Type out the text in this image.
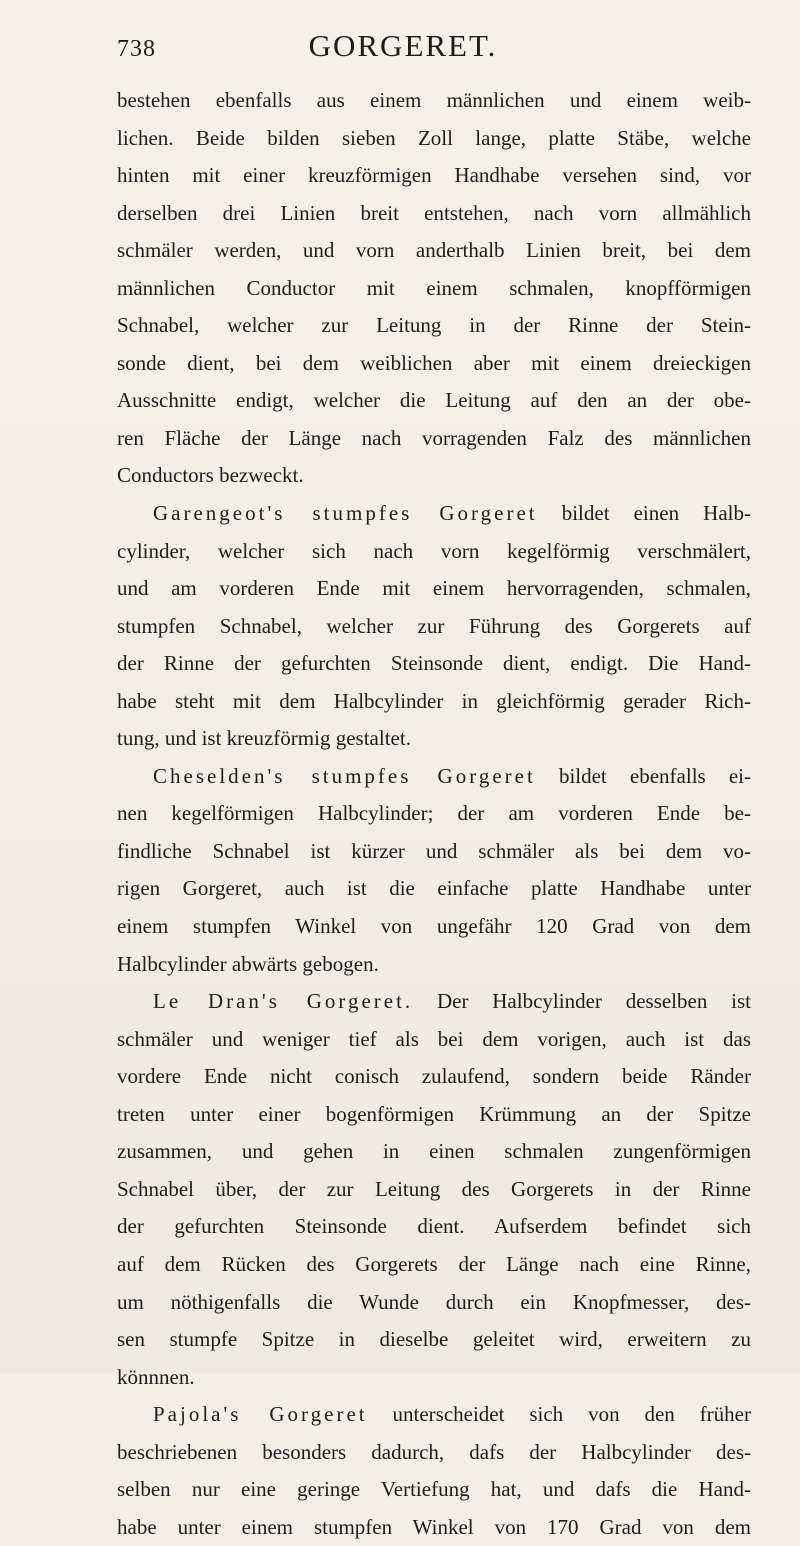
738	GORGERET.
bestehen ebenfalls aus einem männlichen und einem weib-
lichen. Beide bilden sieben Zoll lange, platte Stäbe, welche
hinten mit einer kreuzförmigen Handhabe versehen sind, vor
derselben drei Linien breit entstehen, nach vorn allmählich
schmäler werden, und vorn anderthalb Linien breit, bei dem
männlichen Conductor mit einem schmalen, knopfförmigen
Schnabel, welcher zur Leitung in der Rinne der Stein-
sonde dient, bei dem weiblichen aber mit einem dreieckigen
Ausschnitte endigt, welcher die Leitung auf den an der obe-
ren Fläche der Länge nach vorragenden Falz des männlichen
Conductors bezweckt.
Garengeot's stumpfes Gorgeret bildet einen Halb-
cylinder, welcher sich nach vorn kegelförmig verschmälert,
und am vorderen Ende mit einem hervorragenden, schmalen,
stumpfen Schnabel, welcher zur Führung des Gorgerets auf
der Rinne der gefurchten Steinsonde dient, endigt. Die Hand-
habe steht mit dem Halbcylinder in gleichförmig gerader Rich-
tung, und ist kreuzförmig gestaltet.
Cheselden's stumpfes Gorgeret bildet ebenfalls ei-
nen kegelförmigen Halbcylinder; der am vorderen Ende be-
findliche Schnabel ist kürzer und schmäler als bei dem vo-
rigen Gorgeret, auch ist die einfache platte Handhabe unter
einem stumpfen Winkel von ungefähr 120 Grad von dem
Halbcylinder abwärts gebogen.
Le Dran's Gorgeret. Der Halbcylinder desselben ist
schmäler und weniger tief als bei dem vorigen, auch ist das
vordere Ende nicht conisch zulaufend, sondern beide Ränder
treten unter einer bogenförmigen Krümmung an der Spitze
zusammen, und gehen in einen schmalen zungenförmigen
Schnabel über, der zur Leitung des Gorgerets in der Rinne
der gefurchten Steinsonde dient. Aufserdem befindet sich
auf dem Rücken des Gorgerets der Länge nach eine Rinne,
um nöthigenfalls die Wunde durch ein Knopfmesser, des-
sen stumpfe Spitze in dieselbe geleitet wird, erweitern zu
könnnen.
Pajola's Gorgeret unterscheidet sich von den früher
beschriebenen besonders dadurch, dafs der Halbcylinder des-
selben nur eine geringe Vertiefung hat, und dafs die Hand-
habe unter einem stumpfen Winkel von 170 Grad von dem
